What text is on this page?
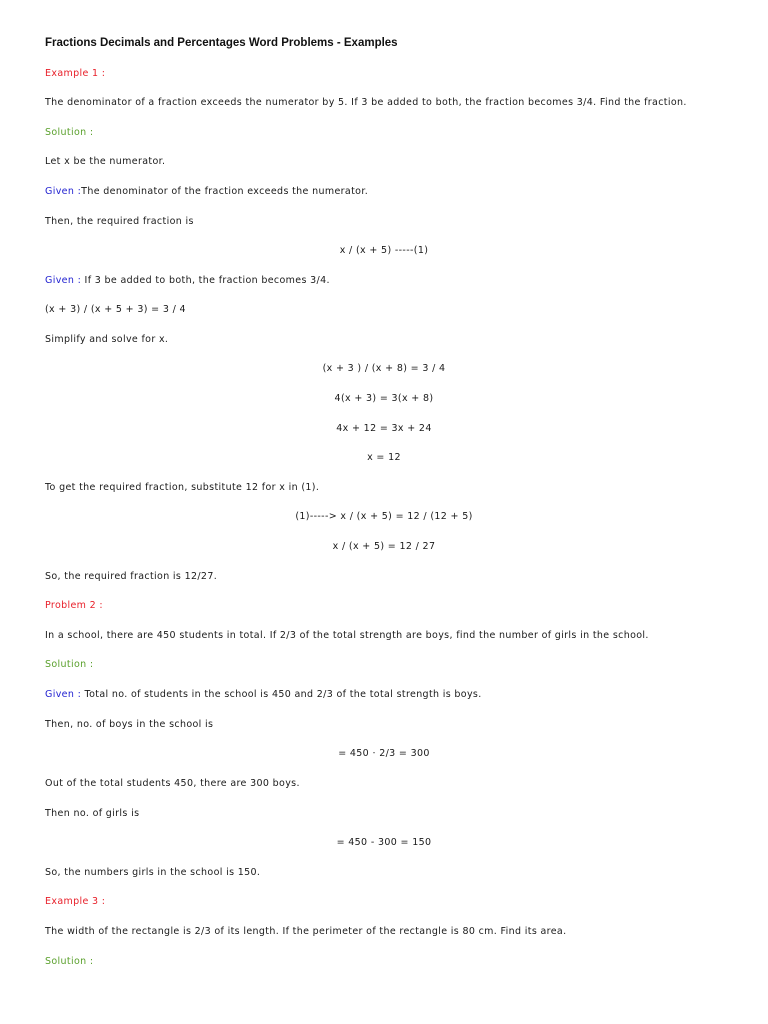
Fractions Decimals and Percentages Word Problems - Examples
Example 1 :
The denominator of a fraction exceeds the numerator by 5. If 3 be added to both, the fraction becomes 3/4. Find the fraction.
Solution :
Let x be the numerator.
Given :The denominator of the fraction exceeds the numerator.
Then, the required fraction is
x / (x + 5) -----(1)
Given : If 3 be added to both, the fraction becomes 3/4.
(x + 3) / (x + 5 + 3) = 3 / 4
Simplify and solve for x.
(x + 3 ) / (x + 8) = 3 / 4
4(x + 3) = 3(x + 8)
4x + 12 = 3x + 24
x = 12
To get the required fraction, substitute 12 for x in (1).
(1)-----> x / (x + 5) = 12 / (12 + 5)
x / (x + 5) = 12 / 27
So, the required fraction is 12/27.
Problem 2 :
In a school, there are 450 students in total. If 2/3 of the total strength are boys, find the number of girls in the school.
Solution :
Given : Total no. of students in the school is 450 and 2/3 of the total strength is boys.
Then, no. of boys in the school is
= 450 ⋅ 2/3 = 300
Out of the total students 450, there are 300 boys.
Then no. of girls is
= 450 - 300 = 150
So, the numbers girls in the school is 150.
Example 3 :
The width of the rectangle is 2/3 of its length. If the perimeter of the rectangle is 80 cm. Find its area.
Solution :
